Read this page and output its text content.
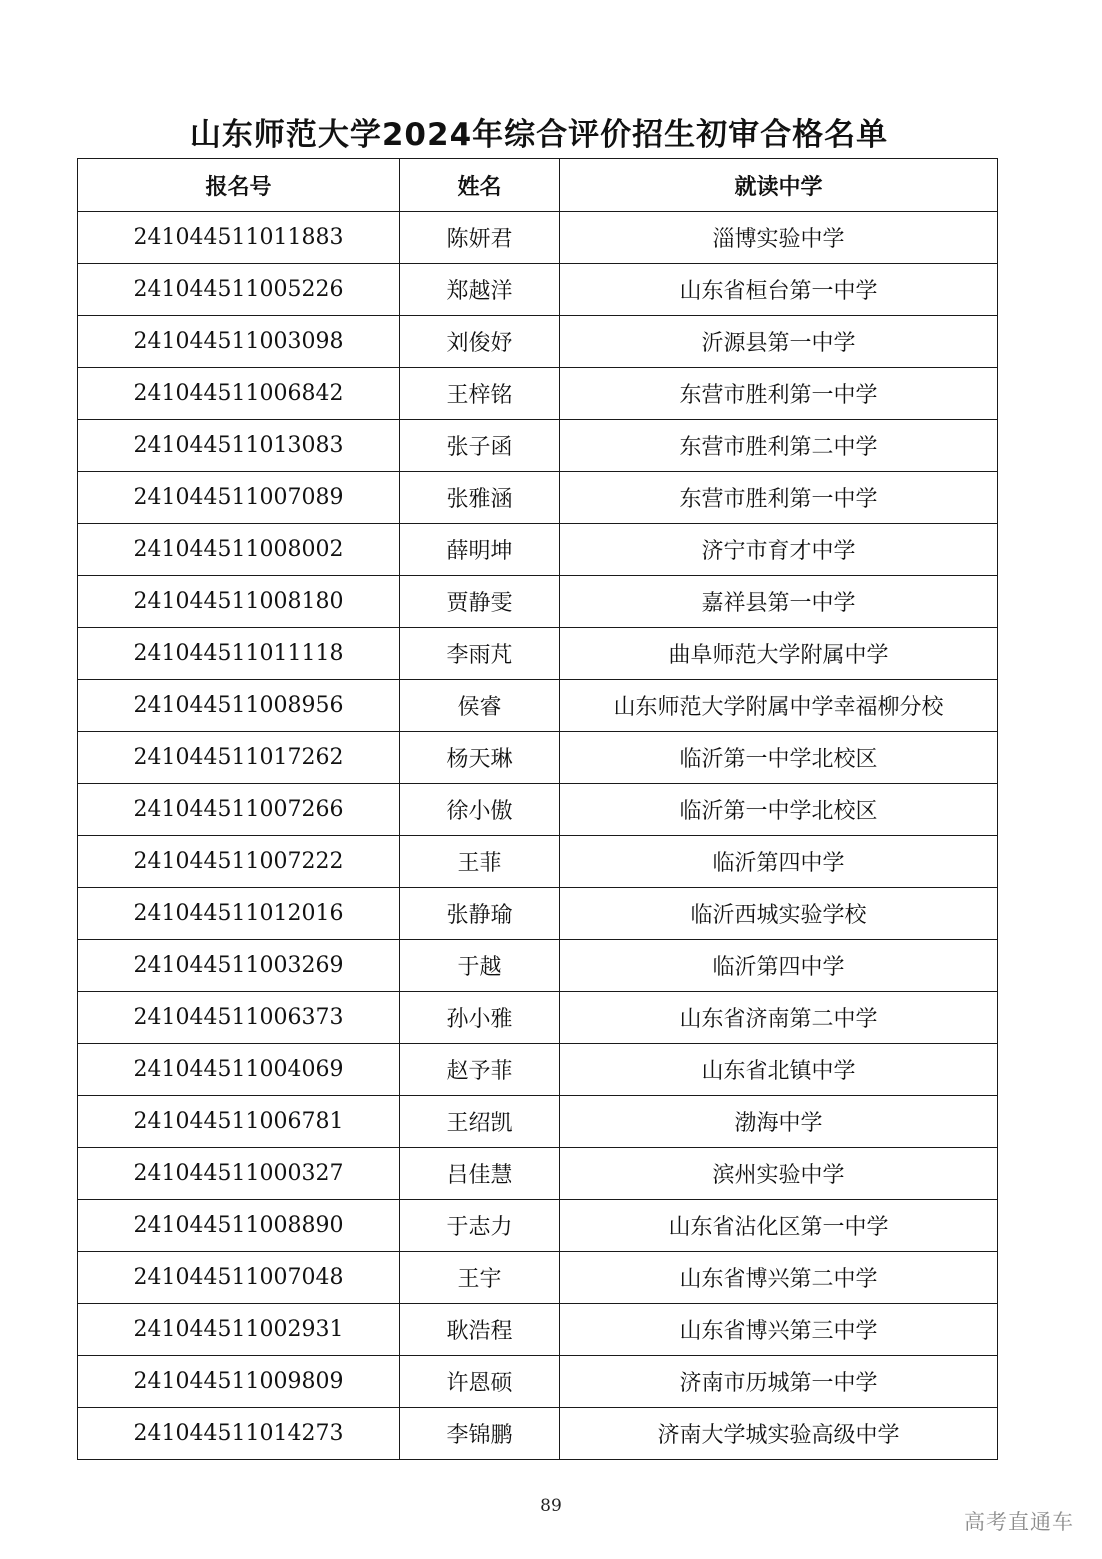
山东师范大学2024年综合评价招生初审合格名单
报名号	姓名	就读中学
241044511011883	陈妍君	淄博实验中学
241044511005226	郑越洋	山东省桓台第一中学
241044511003098	刘俊妤	沂源县第一中学
241044511006842	王梓铭	东营市胜利第一中学
241044511013083	张子函	东营市胜利第二中学
241044511007089	张雅涵	东营市胜利第一中学
241044511008002	薛明坤	济宁市育才中学
241044511008180	贾静雯	嘉祥县第一中学
241044511011118	李雨芃	曲阜师范大学附属中学
241044511008956	侯睿	山东师范大学附属中学幸福柳分校
241044511017262	杨天琳	临沂第一中学北校区
241044511007266	徐小傲	临沂第一中学北校区
241044511007222	王菲	临沂第四中学
241044511012016	张静瑜	临沂西城实验学校
241044511003269	于越	临沂第四中学
241044511006373	孙小雅	山东省济南第二中学
241044511004069	赵予菲	山东省北镇中学
241044511006781	王绍凯	渤海中学
241044511000327	吕佳慧	滨州实验中学
241044511008890	于志力	山东省沾化区第一中学
241044511007048	王宇	山东省博兴第二中学
241044511002931	耿浩程	山东省博兴第三中学
241044511009809	许恩硕	济南市历城第一中学
241044511014273	李锦鹏	济南大学城实验高级中学
89
高考直通车
